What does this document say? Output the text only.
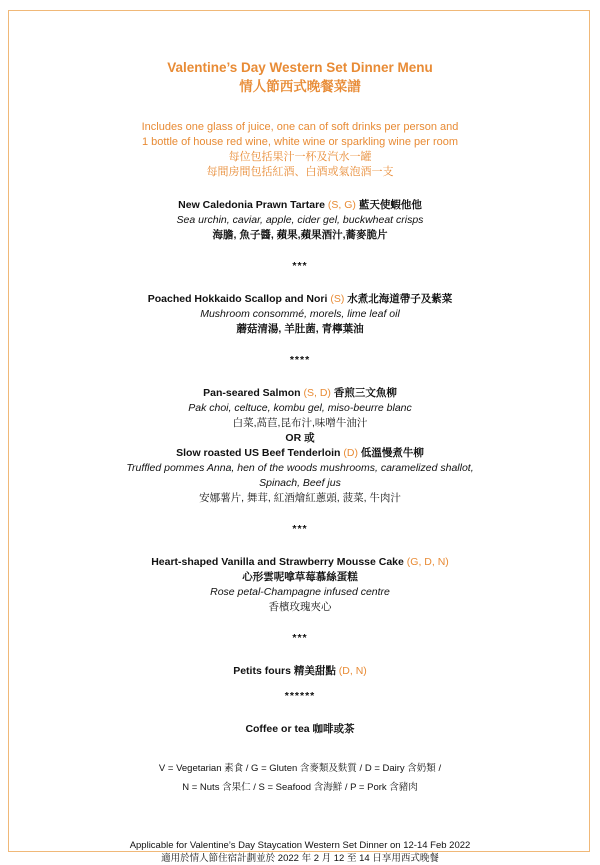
Valentine’s Day Western Set Dinner Menu
情人節西式晚餐菜譜
Includes one glass of juice, one can of soft drinks per person and
1 bottle of house red wine, white wine or sparkling wine per room
每位包括果汁一杯及汽水一罐
每間房間包括紅酒、白酒或氣泡酒一支
New Caledonia Prawn Tartare (S, G) 藍天使蝦他他
Sea urchin, caviar, apple, cider gel, buckwheat crisps
海膽, 魚子醬, 蘋果,蘋果酒汁,蕎麥脆片
***
Poached Hokkaido Scallop and Nori (S) 水煮北海道帶子及紫菜
Mushroom consommé, morels, lime leaf oil
蘑菇清湯, 羊肚菌, 青檸葉油
****
Pan-seared Salmon (S, D) 香煎三文魚柳
Pak choi, celtuce, kombu gel, miso-beurre blanc
白菜,萵苣,昆布汁,味噌牛油汁
OR 或
Slow roasted US Beef Tenderloin (D) 低溫慢煮牛柳
Truffled pommes Anna, hen of the woods mushrooms, caramelized shallot,
Spinach, Beef jus
安娜薯片, 舞茸, 紅酒燴紅蔥頭, 菠菜, 牛肉汁
***
Heart-shaped Vanilla and Strawberry Mousse Cake (G, D, N)
心形雲呢嗱草莓慕絲蛋糕
Rose petal-Champagne infused centre
香檳玫瑰夾心
***
Petits fours 精美甜點 (D, N)
******
Coffee or tea 咖啡或茶
V = Vegetarian 素食 / G = Gluten 含麥類及麩質 / D = Dairy 含奶類 /
N = Nuts 含果仁 / S = Seafood 含海鮮 / P = Pork 含豬肉
Applicable for Valentine’s Day Staycation Western Set Dinner on 12-14 Feb 2022
適用於情人節住宿計劃並於 2022 年 2 月 12 至 14 日享用西式晚餐
